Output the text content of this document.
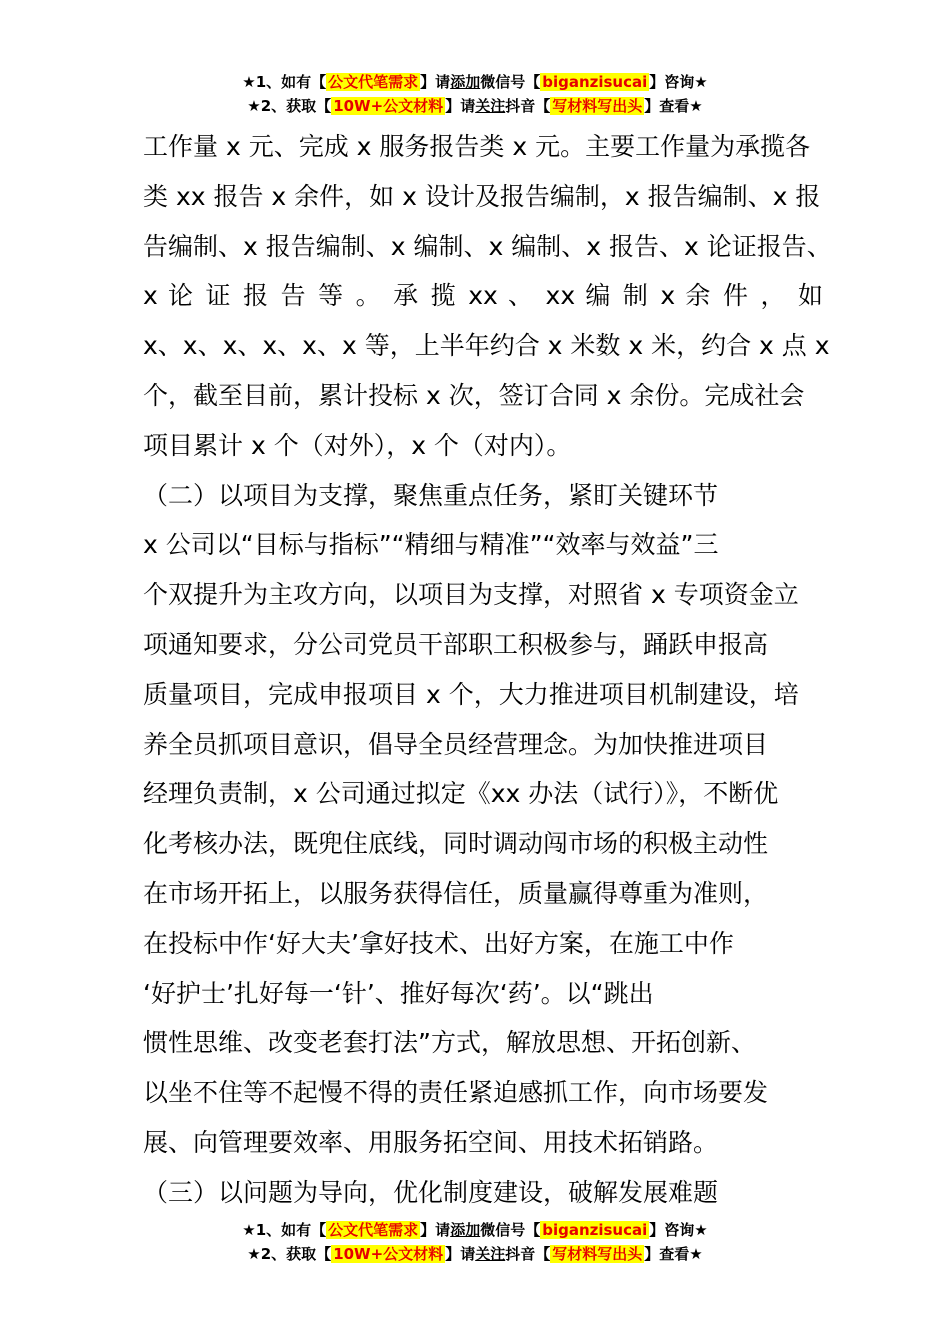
★1、如有【 公文代笔需求 】请添加微信号【 biganzisucai 】咨询★
★2、获取【 10W+公文材料 】请关注抖音【 写材料写出头 】查看★
工作量 x 元、完成 x 服务报告类 x 元。主要工作量为承揽各
类 xx 报告 x 余件，如 x 设计及报告编制，x 报告编制、x 报
告编制、x 报告编制、x 编制、x 编制、x 报告、x 论证报告、
x 论 证 报 告 等 。 承 揽 xx 、 xx 编 制 x 余 件 ， 如
x、x、x、x、x、x 等，上半年约合 x 米数 x 米，约合 x 点 x
个，截至目前，累计投标 x 次，签订合同 x 余份。完成社会
项目累计 x 个（对外），x 个（对内）。
（二）以项目为支撑，聚焦重点任务，紧盯关键环节
x 公司以“目标与指标”“精细与精准”“效率与效益”三
个双提升为主攻方向，以项目为支撑，对照省 x 专项资金立
项通知要求，分公司党员干部职工积极参与，踊跃申报高
质量项目，完成申报项目 x 个，大力推进项目机制建设，培
养全员抓项目意识，倡导全员经营理念。为加快推进项目
经理负责制，x 公司通过拟定《xx 办法（试行）》，不断优
化考核办法，既兜住底线，同时调动闯市场的积极主动性
在市场开拓上，以服务获得信任，质量赢得尊重为准则，
在投标中作‘好大夫’拿好技术、出好方案，在施工中作
‘好护士’扎好每一‘针’、推好每次‘药’。以“跳出
惯性思维、改变老套打法”方式，解放思想、开拓创新、
以坐不住等不起慢不得的责任紧迫感抓工作，向市场要发
展、向管理要效率、用服务拓空间、用技术拓销路。
（三）以问题为导向，优化制度建设，破解发展难题
★1、如有【 公文代笔需求 】请添加微信号【 biganzisucai 】咨询★
★2、获取【 10W+公文材料 】请关注抖音【 写材料写出头 】查看★
